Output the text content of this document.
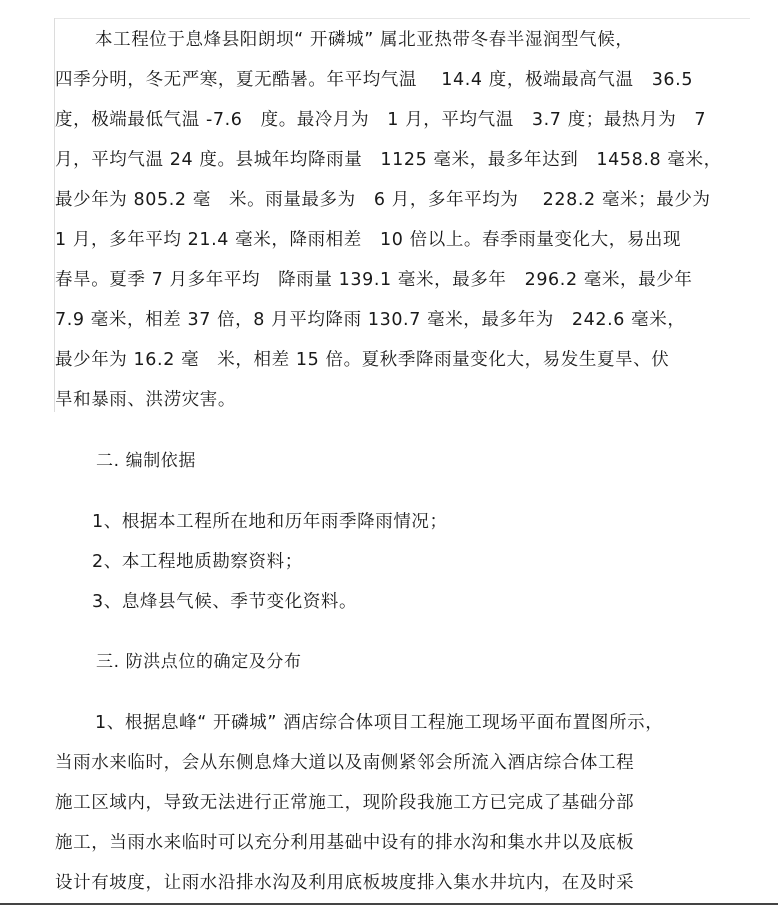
本工程位于息烽县阳朗坝“ 开磷城” 属北亚热带冬春半湿润型气候，
四季分明，冬无严寒，夏无酷暑。年平均气温　 14.4 度，极端最高气温　36.5
度，极端最低气温 -7.6　度。最冷月为　1 月，平均气温　3.7 度；最热月为　7
月，平均气温 24 度。县城年均降雨量　1125 毫米，最多年达到　1458.8 毫米，
最少年为 805.2 毫　米。雨量最多为　6 月，多年平均为　 228.2 毫米；最少为
1 月，多年平均 21.4 毫米，降雨相差　10 倍以上。春季雨量变化大，易出现
春旱。夏季 7 月多年平均　降雨量 139.1 毫米，最多年　296.2 毫米，最少年
7.9 毫米，相差 37 倍，8 月平均降雨 130.7 毫米，最多年为　242.6 毫米，
最少年为 16.2 毫　米，相差 15 倍。夏秋季降雨量变化大，易发生夏旱、伏
旱和暴雨、洪涝灾害。
二. 编制依据
1、根据本工程所在地和历年雨季降雨情况；
2、本工程地质勘察资料；
3、息烽县气候、季节变化资料。
三. 防洪点位的确定及分布
1、根据息峰“ 开磷城” 酒店综合体项目工程施工现场平面布置图所示，
当雨水来临时，会从东侧息烽大道以及南侧紧邻会所流入酒店综合体工程
施工区域内，导致无法进行正常施工，现阶段我施工方已完成了基础分部
施工，当雨水来临时可以充分利用基础中设有的排水沟和集水井以及底板
设计有坡度，让雨水沿排水沟及利用底板坡度排入集水井坑内，在及时采
